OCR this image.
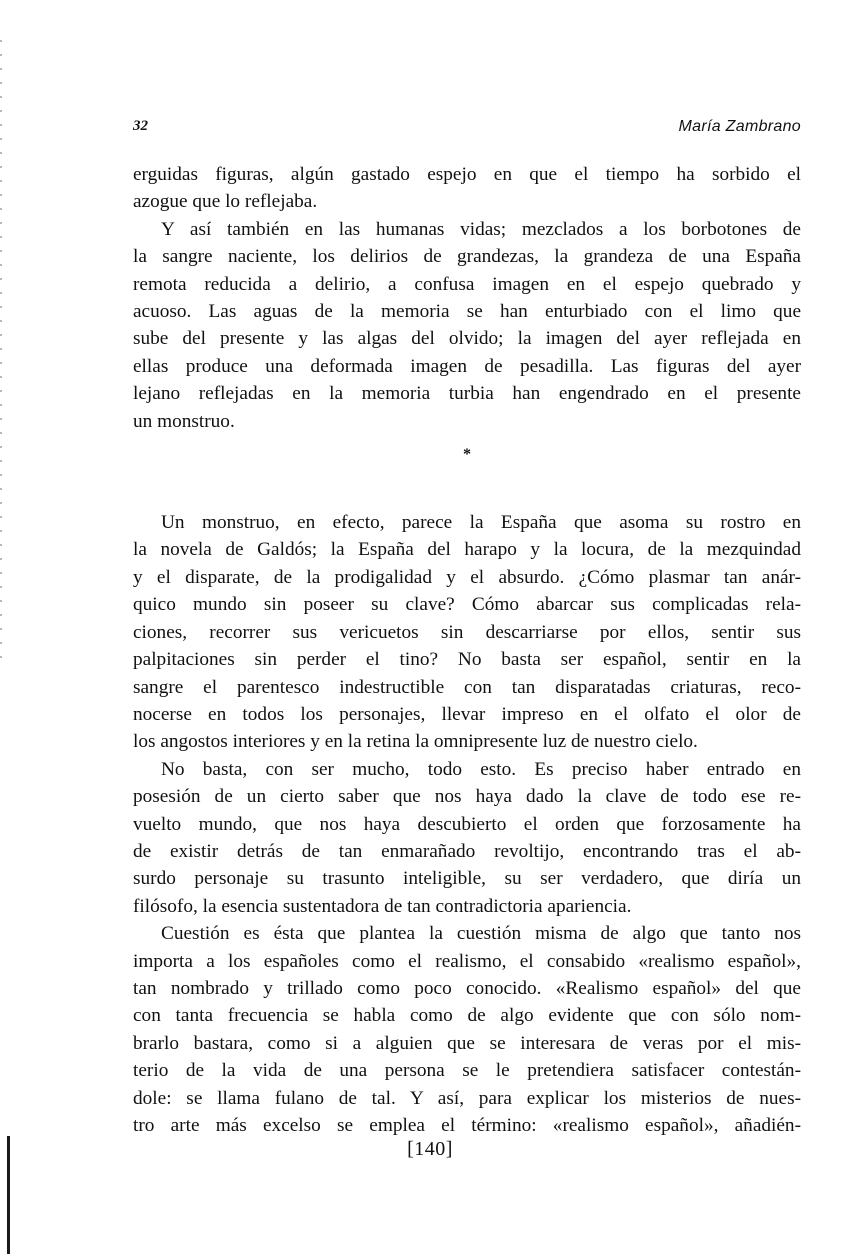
32	María Zambrano
erguidas figuras, algún gastado espejo en que el tiempo ha sorbido el
azogue que lo reflejaba.
Y así también en las humanas vidas; mezclados a los borbotones de
la sangre naciente, los delirios de grandezas, la grandeza de una España
remota reducida a delirio, a confusa imagen en el espejo quebrado y
acuoso. Las aguas de la memoria se han enturbiado con el limo que
sube del presente y las algas del olvido; la imagen del ayer reflejada en
ellas produce una deformada imagen de pesadilla. Las figuras del ayer
lejano reflejadas en la memoria turbia han engendrado en el presente
un monstruo.
*
Un monstruo, en efecto, parece la España que asoma su rostro en
la novela de Galdós; la España del harapo y la locura, de la mezquindad
y el disparate, de la prodigalidad y el absurdo. ¿Cómo plasmar tan anár-
quico mundo sin poseer su clave? Cómo abarcar sus complicadas rela-
ciones, recorrer sus vericuetos sin descarriarse por ellos, sentir sus
palpitaciones sin perder el tino? No basta ser español, sentir en la
sangre el parentesco indestructible con tan disparatadas criaturas, reco-
nocerse en todos los personajes, llevar impreso en el olfato el olor de
los angostos interiores y en la retina la omnipresente luz de nuestro cielo.
No basta, con ser mucho, todo esto. Es preciso haber entrado en
posesión de un cierto saber que nos haya dado la clave de todo ese re-
vuelto mundo, que nos haya descubierto el orden que forzosamente ha
de existir detrás de tan enmarañado revoltijo, encontrando tras el ab-
surdo personaje su trasunto inteligible, su ser verdadero, que diría un
filósofo, la esencia sustentadora de tan contradictoria apariencia.
Cuestión es ésta que plantea la cuestión misma de algo que tanto nos
importa a los españoles como el realismo, el consabido «realismo español»,
tan nombrado y trillado como poco conocido. «Realismo español» del que
con tanta frecuencia se habla como de algo evidente que con sólo nom-
brarlo bastara, como si a alguien que se interesara de veras por el mis-
terio de la vida de una persona se le pretendiera satisfacer contestán-
dole: se llama fulano de tal. Y así, para explicar los misterios de nues-
tro arte más excelso se emplea el término: «realismo español», añadién-
[140]
